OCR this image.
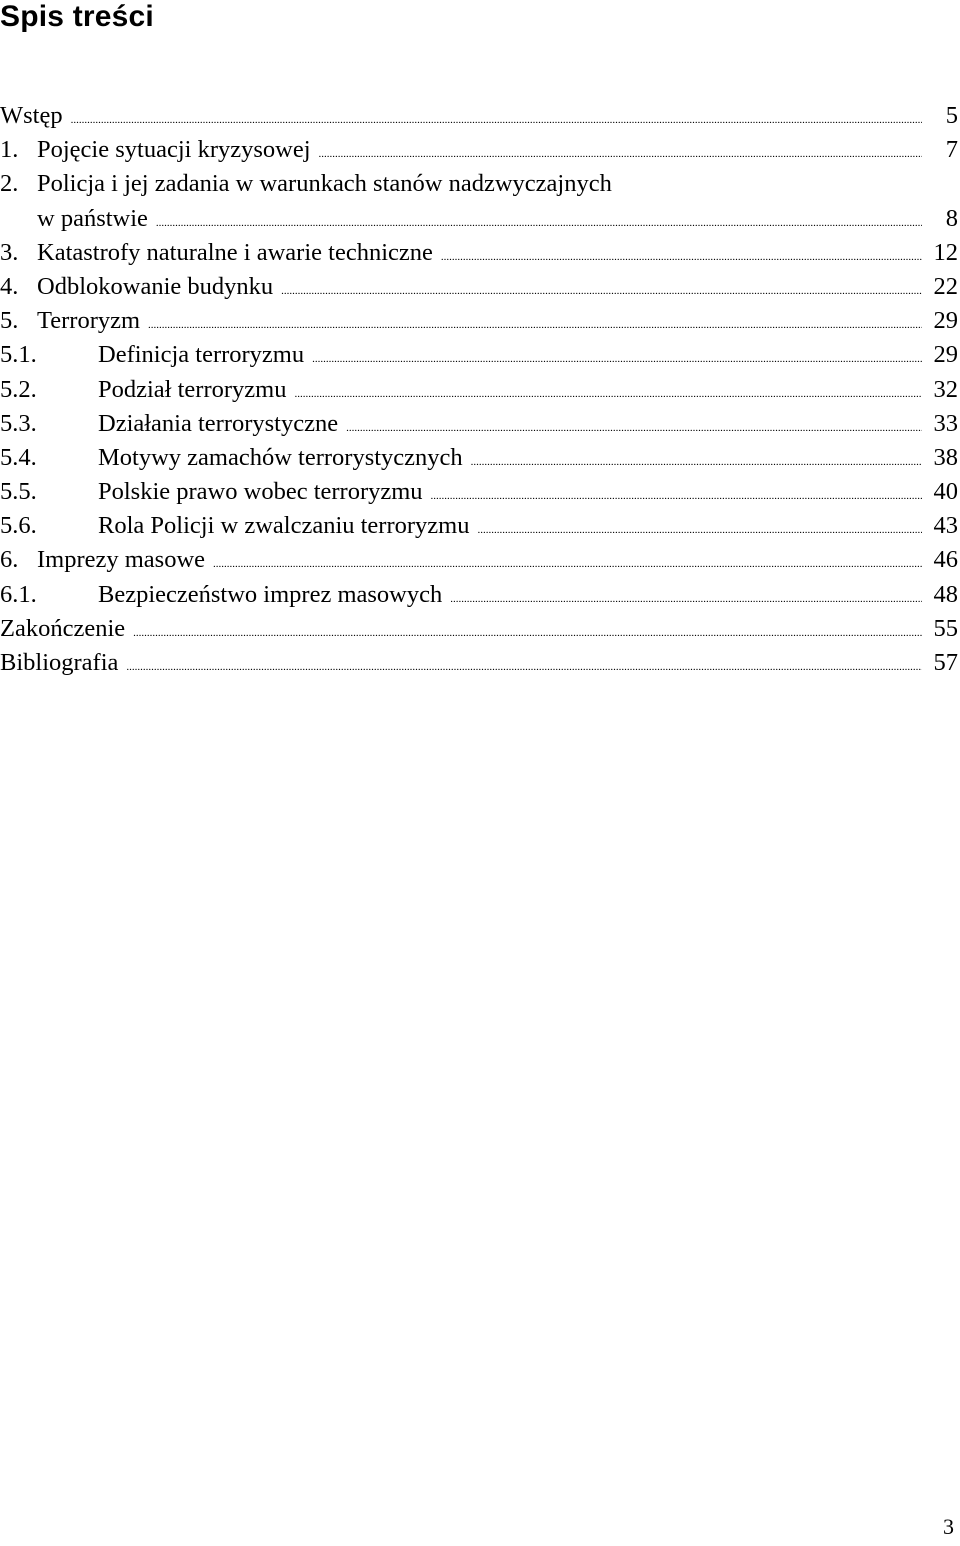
Spis treści
Wstęp .....	5
1. Pojęcie sytuacji kryzysowej .....	7
2. Policja i jej zadania w warunkach stanów nadzwyczajnych
w państwie .....	8
3. Katastrofy naturalne i awarie techniczne .....	12
4. Odblokowanie budynku .....	22
5. Terroryzm .....	29
5.1.	Definicja terroryzmu .....	29
5.2.	Podział terroryzmu .....	32
5.3.	Działania terrorystyczne .....	33
5.4.	Motywy zamachów terrorystycznych .....	38
5.5.	Polskie prawo wobec terroryzmu .....	40
5.6.	Rola Policji w zwalczaniu terroryzmu .....	43
6. Imprezy masowe .....	46
6.1.	Bezpieczeństwo imprez masowych .....	48
Zakończenie .....	55
Bibliografia .....	57
3
